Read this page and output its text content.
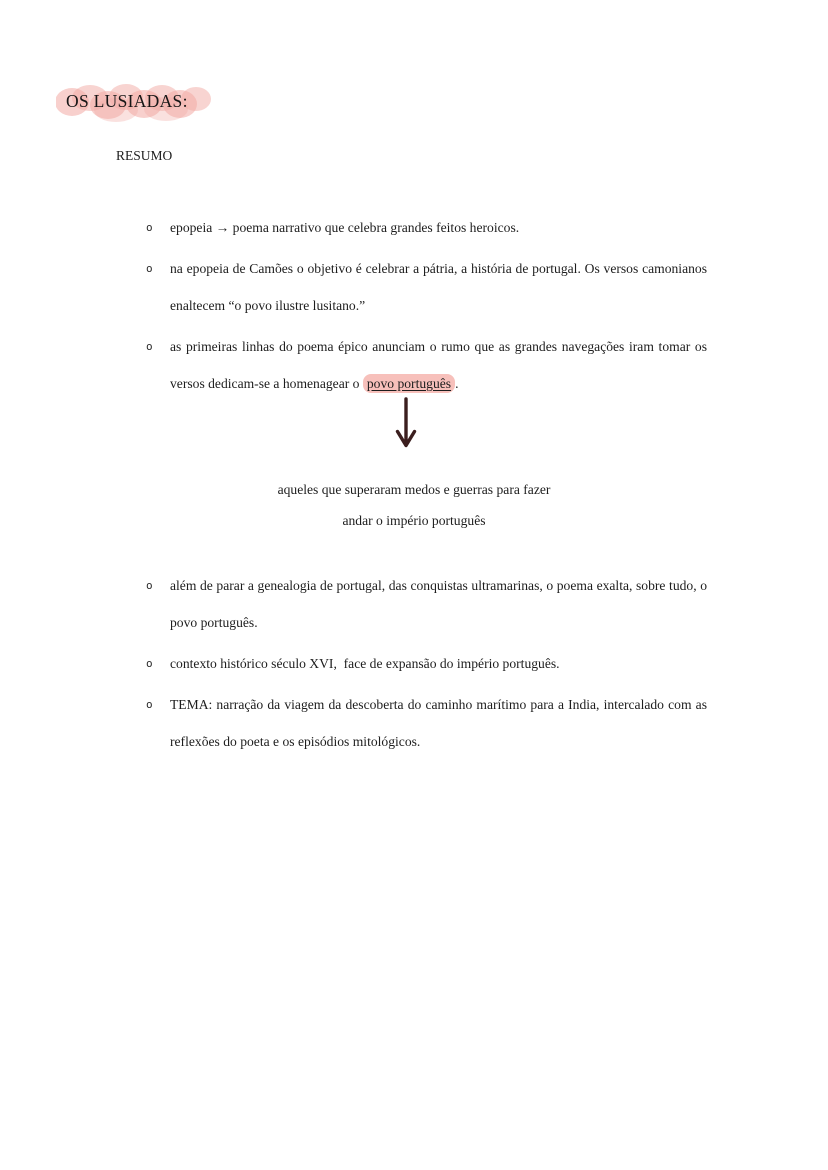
OS LUSIADAS:
RESUMO
o	epopeia → poema narrativo que celebra grandes feitos heroicos.

o	na epopeia de Camões o objetivo é celebrar a pátria, a história de portugal. Os versos camonianos enaltecem “o povo ilustre lusitano.”

o	as primeiras linhas do poema épico anunciam o rumo que as grandes navegações iram tomar os versos dedicam-se a homenagear o povo português .

aqueles que superaram medos e guerras para fazer
andar o império português
o	além de parar a genealogia de portugal, das conquistas ultramarinas, o poema exalta, sobre tudo, o povo português.

o	contexto histórico século XVI,  face de expansão do império português.

o	TEMA: narração da viagem da descoberta do caminho marítimo para a India, intercalado com as reflexões do poeta e os episódios mitológicos.
